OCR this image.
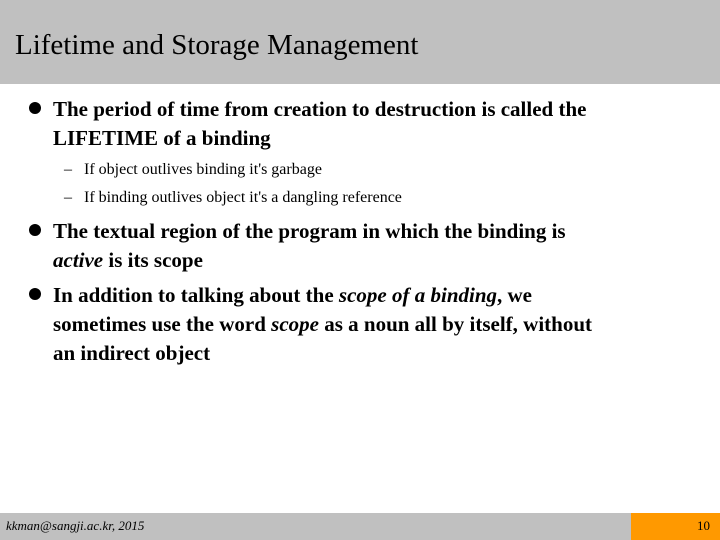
Lifetime and Storage Management
The period of time from creation to destruction is called the
LIFETIME of a binding
– If object outlives binding it's garbage
– If binding outlives object it's a dangling reference
The textual region of the program in which the binding is
active is its scope
In addition to talking about the scope of a binding, we
sometimes use the word scope as a noun all by itself, without
an indirect object
kkman@sangji.ac.kr, 2015	10
